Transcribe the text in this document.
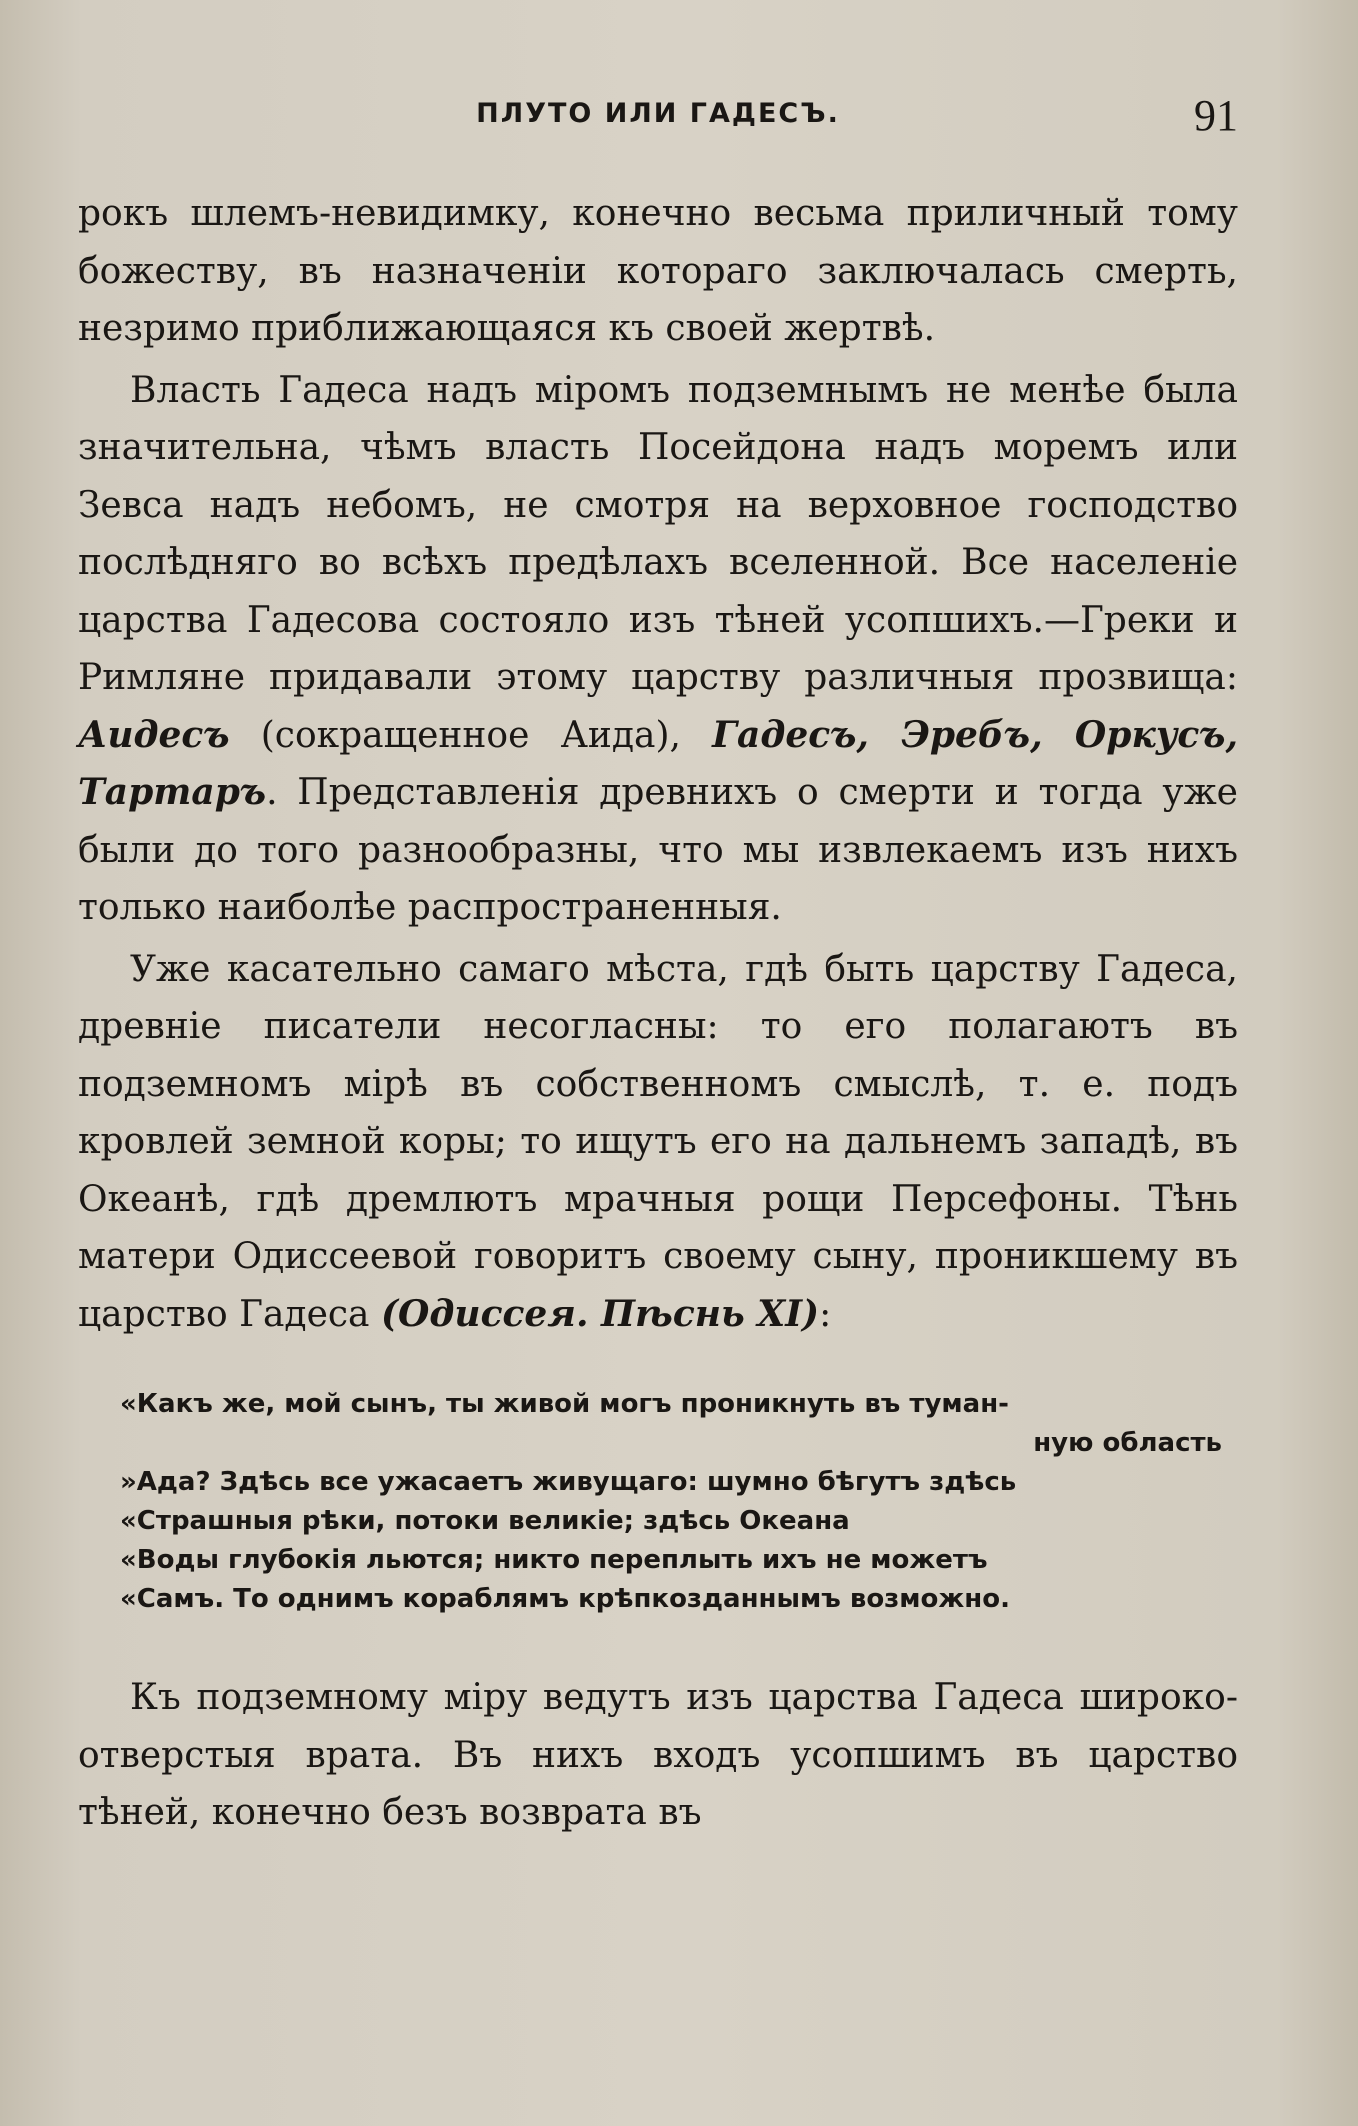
ПЛУТО ИЛИ ГАДЕСЪ.	91

рокъ шлемъ-невидимку, конечно весьма приличный тому божеству, въ назначеніи котораго заключалась смерть, незримо приближающаяся къ своей жертвѣ.

Власть Гадеса надъ міромъ подземнымъ не менѣе была значительна, чѣмъ власть Посейдона надъ моремъ или Зевса надъ небомъ, не смотря на верховное господство послѣдняго во всѣхъ предѣлахъ вселенной. Все населеніе царства Гадесова состояло изъ тѣней усопшихъ.—Греки и Римляне придавали этому царству различныя прозвища: Аидесъ (сокращенное Аида), Гадесъ, Эребъ, Оркусъ, Тартаръ. Представленія древнихъ о смерти и тогда уже были до того разнообразны, что мы извлекаемъ изъ нихъ только наиболѣе распространенныя.

Уже касательно самаго мѣста, гдѣ быть царству Гадеса, древніе писатели несогласны: то его полагаютъ въ подземномъ мірѣ въ собственномъ смыслѣ, т. е. подъ кровлей земной коры; то ищутъ его на дальнемъ западѣ, въ Океанѣ, гдѣ дремлютъ мрачныя рощи Персефоны. Тѣнь матери Одиссеевой говоритъ своему сыну, проникшему въ царство Гадеса (Одиссея. Пѣснь XI):

«Какъ же, мой сынъ, ты живой могъ проникнуть въ туман-
ную область
»Ада? Здѣсь все ужасаетъ живущаго: шумно бѣгутъ здѣсь
«Страшныя рѣки, потоки великіе; здѣсь Океана
«Воды глубокія льются; никто переплыть ихъ не можетъ
«Самъ. То однимъ кораблямъ крѣпкозданнымъ возможно.

Къ подземному міру ведутъ изъ царства Гадеса широко-отверстыя врата. Въ нихъ входъ усопшимъ въ царство тѣней, конечно безъ возврата въ
